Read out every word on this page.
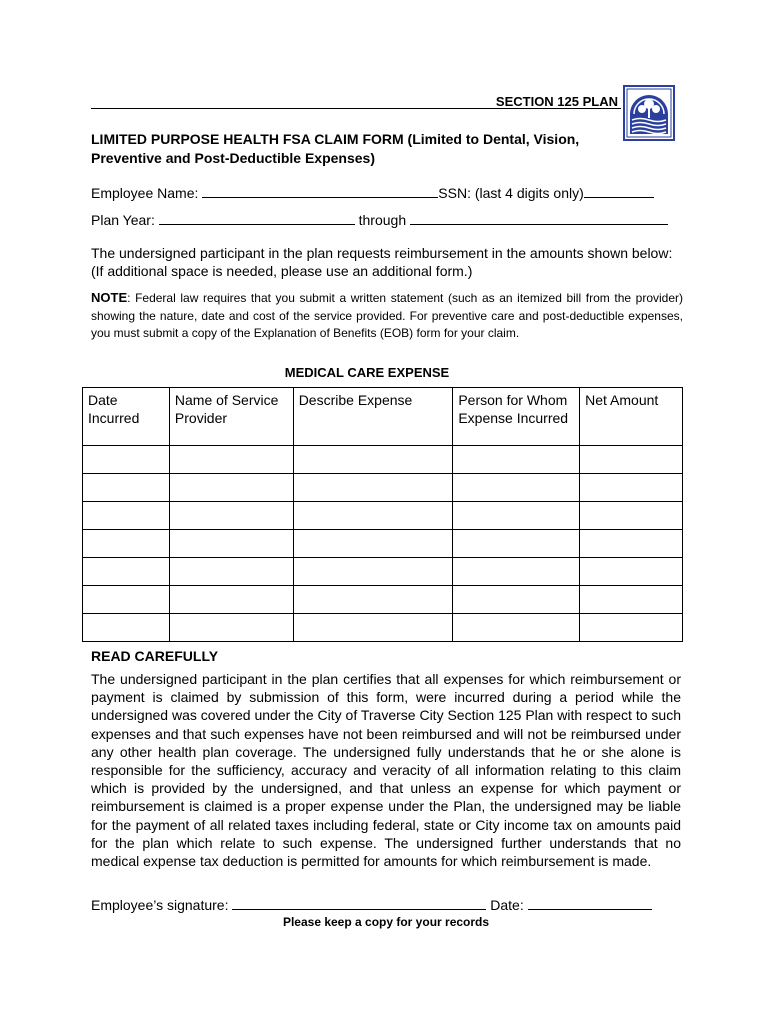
SECTION 125 PLAN
LIMITED PURPOSE HEALTH FSA CLAIM FORM (Limited to Dental, Vision, Preventive and Post-Deductible Expenses)
Employee Name:	SSN: (last 4 digits only)
Plan Year:	through
The undersigned participant in the plan requests reimbursement in the amounts shown below: (If additional space is needed, please use an additional form.)
NOTE: Federal law requires that you submit a written statement (such as an itemized bill from the provider) showing the nature, date and cost of the service provided. For preventive care and post-deductible expenses, you must submit a copy of the Explanation of Benefits (EOB) form for your claim.
MEDICAL CARE EXPENSE
Date Incurred	Name of Service Provider	Describe Expense	Person for Whom Expense Incurred	Net Amount

READ CAREFULLY
The undersigned participant in the plan certifies that all expenses for which reimbursement or payment is claimed by submission of this form, were incurred during a period while the undersigned was covered under the City of Traverse City Section 125 Plan with respect to such expenses and that such expenses have not been reimbursed and will not be reimbursed under any other health plan coverage. The undersigned fully understands that he or she alone is responsible for the sufficiency, accuracy and veracity of all information relating to this claim which is provided by the undersigned, and that unless an expense for which payment or reimbursement is claimed is a proper expense under the Plan, the undersigned may be liable for the payment of all related taxes including federal, state or City income tax on amounts paid for the plan which relate to such expense. The undersigned further understands that no medical expense tax deduction is permitted for amounts for which reimbursement is made.
Employee’s signature:	Date:
Please keep a copy for your records
